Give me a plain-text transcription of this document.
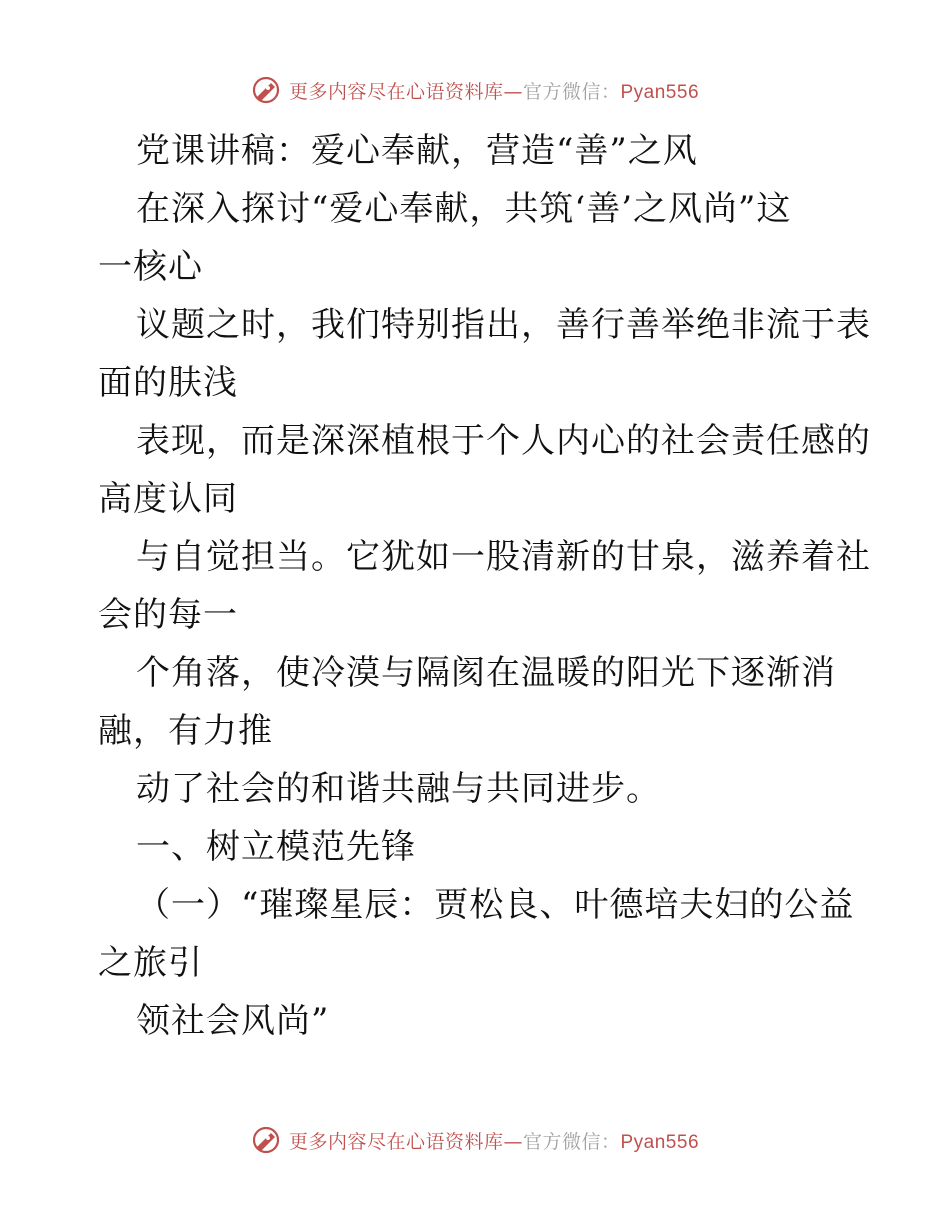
更多内容尽在心语资料库—官方微信：Pyan556
党课讲稿：爱心奉献，营造“善”之风
在深入探讨“爱心奉献，共筑‘善’之风尚”这
一核心
议题之时，我们特别指出，善行善举绝非流于表
面的肤浅
表现，而是深深植根于个人内心的社会责任感的
高度认同
与自觉担当。它犹如一股清新的甘泉，滋养着社
会的每一
个角落，使冷漠与隔阂在温暖的阳光下逐渐消
融，有力推
动了社会的和谐共融与共同进步。
一、树立模范先锋
（一）“璀璨星辰：贾松良、叶德培夫妇的公益
之旅引
领社会风尚”
更多内容尽在心语资料库—官方微信：Pyan556
